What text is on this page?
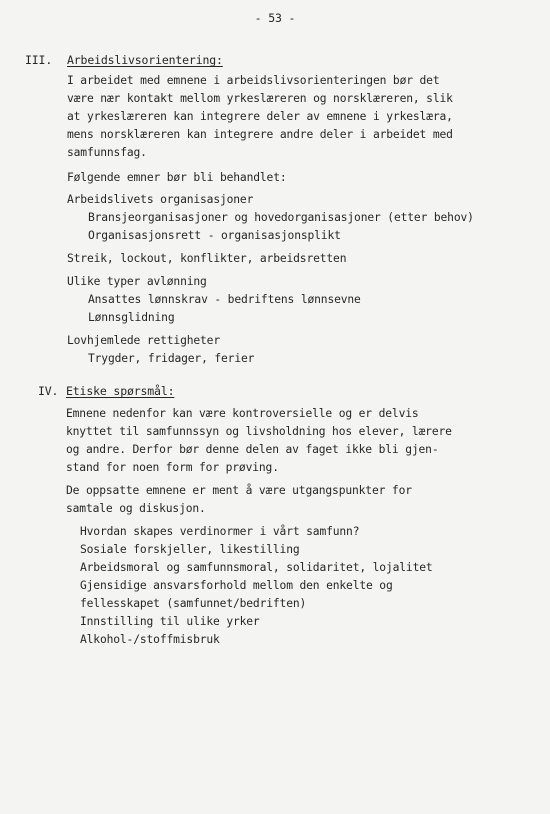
- 53 -
III. Arbeidslivsorientering:
I arbeidet med emnene i arbeidslivsorienteringen bør det
være nær kontakt mellom yrkeslæreren og norsklæreren, slik
at yrkeslæreren kan integrere deler av emnene i yrkeslæra,
mens norsklæreren kan integrere andre deler i arbeidet med
samfunnsfag.
Følgende emner bør bli behandlet:
Arbeidslivets organisasjoner
Bransjeorganisasjoner og hovedorganisasjoner (etter behov)
Organisasjonsrett - organisasjonsplikt
Streik, lockout, konflikter, arbeidsretten
Ulike typer avlønning
Ansattes lønnskrav - bedriftens lønnsevne
Lønnsglidning
Lovhjemlede rettigheter
Trygder, fridager, ferier
IV. Etiske spørsmål:
Emnene nedenfor kan være kontroversielle og er delvis
knyttet til samfunnssyn og livsholdning hos elever, lærere
og andre. Derfor bør denne delen av faget ikke bli gjen-
stand for noen form for prøving.
De oppsatte emnene er ment å være utgangspunkter for
samtale og diskusjon.
Hvordan skapes verdinormer i vårt samfunn?
Sosiale forskjeller, likestilling
Arbeidsmoral og samfunnsmoral, solidaritet, lojalitet
Gjensidige ansvarsforhold mellom den enkelte og
fellesskapet (samfunnet/bedriften)
Innstilling til ulike yrker
Alkohol-/stoffmisbruk
